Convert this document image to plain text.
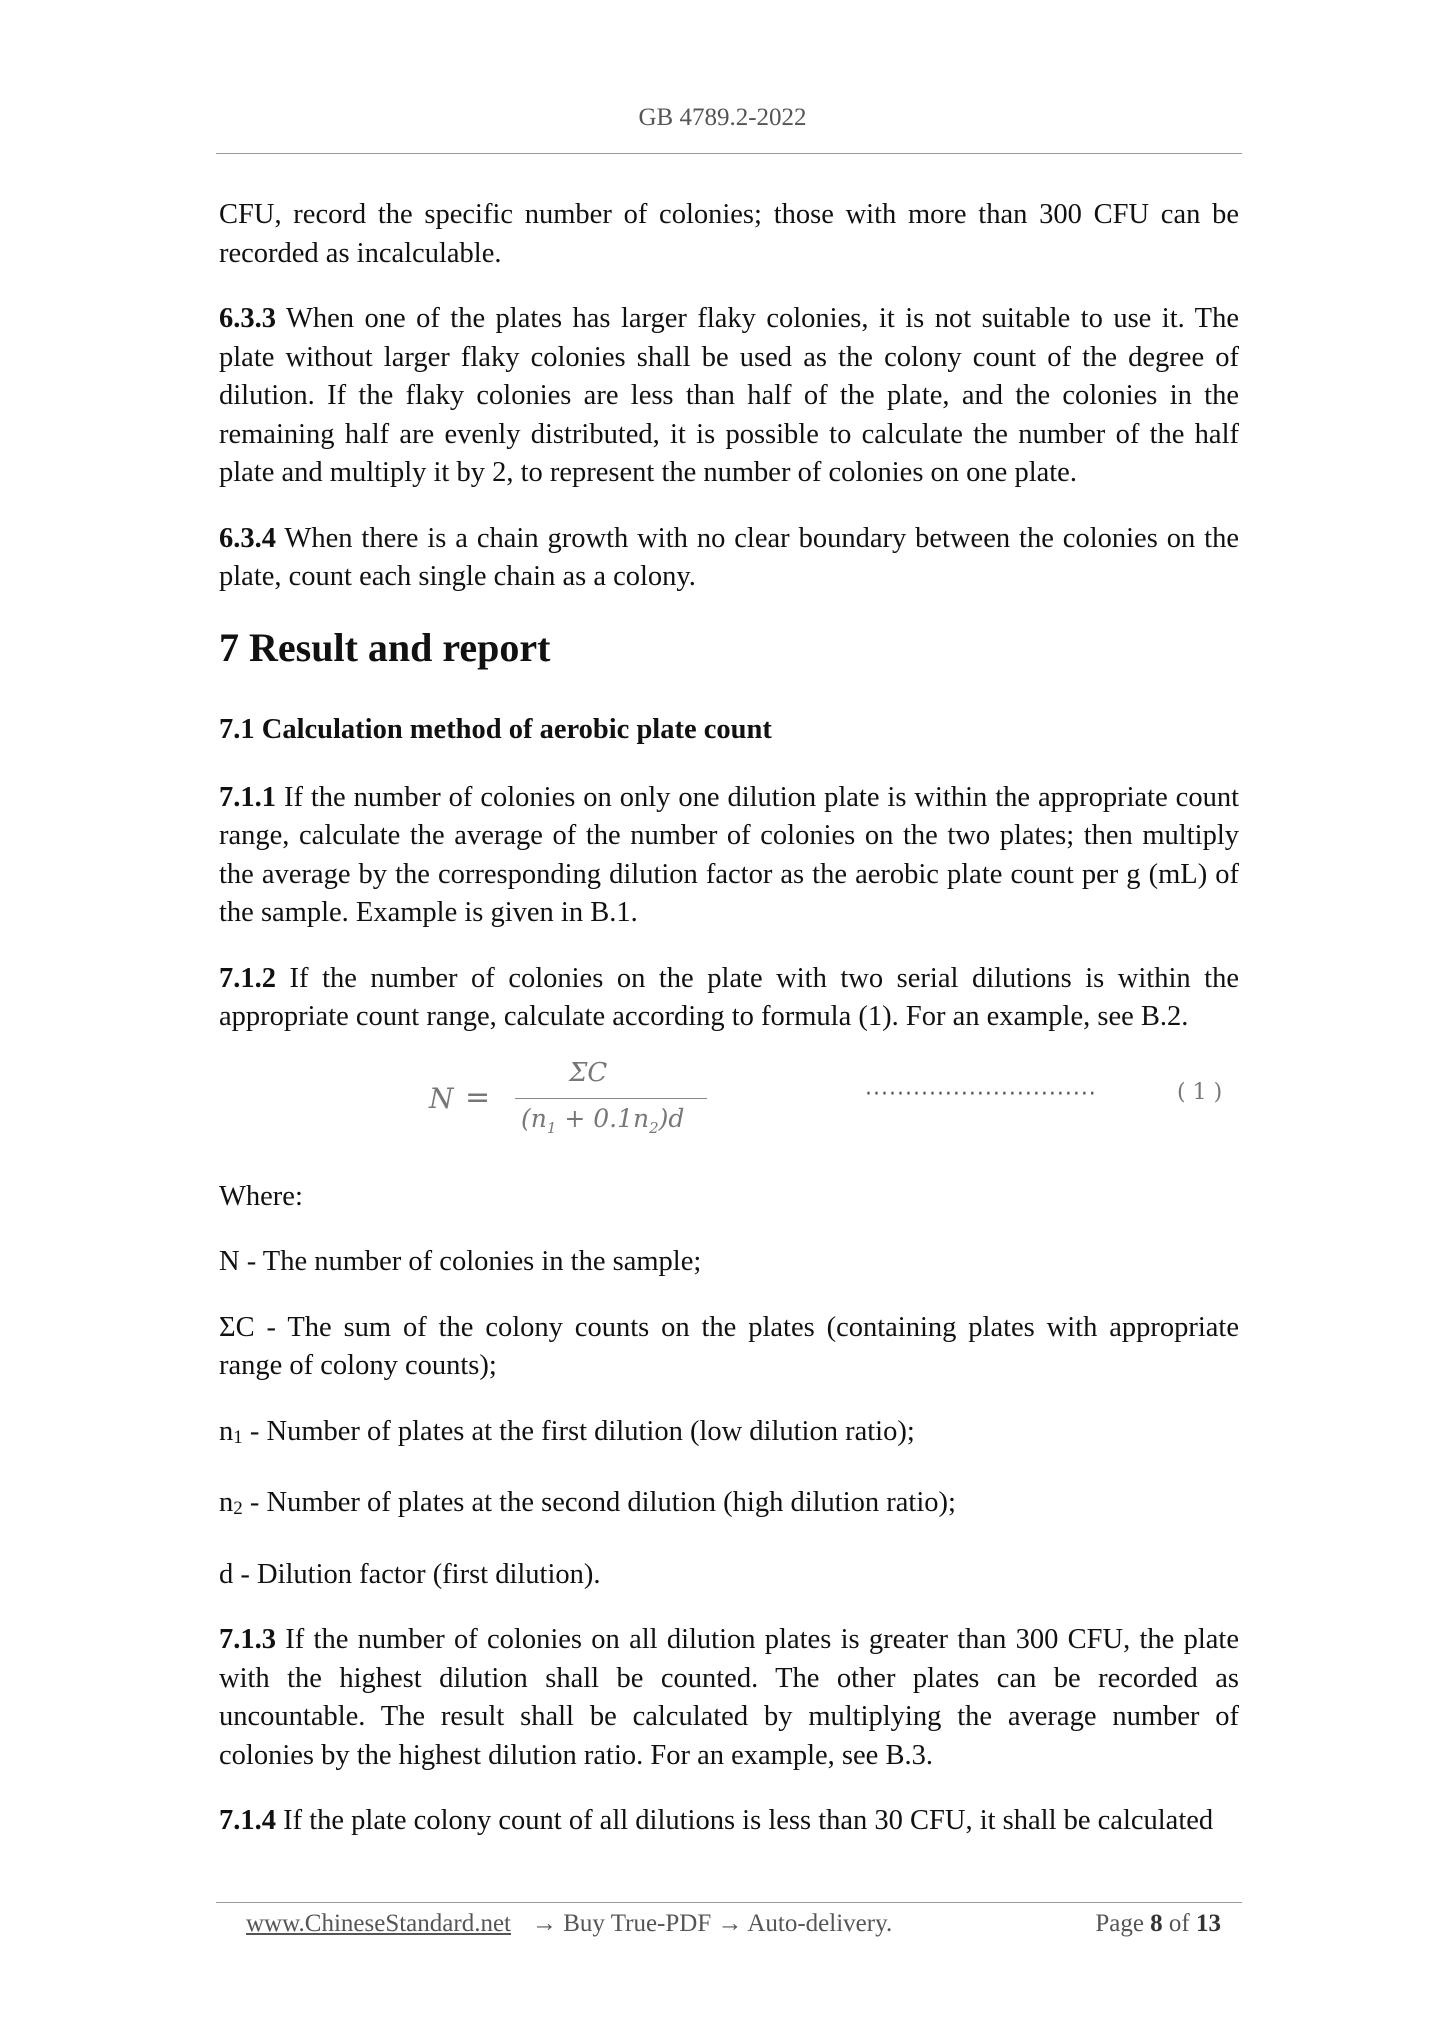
GB 4789.2-2022

CFU, record the specific number of colonies; those with more than 300 CFU can be recorded as incalculable.

6.3.3 When one of the plates has larger flaky colonies, it is not suitable to use it. The plate without larger flaky colonies shall be used as the colony count of the degree of dilution. If the flaky colonies are less than half of the plate, and the colonies in the remaining half are evenly distributed, it is possible to calculate the number of the half plate and multiply it by 2, to represent the number of colonies on one plate.

6.3.4 When there is a chain growth with no clear boundary between the colonies on the plate, count each single chain as a colony.

7 Result and report
7.1 Calculation method of aerobic plate count

7.1.1 If the number of colonies on only one dilution plate is within the appropriate count range, calculate the average of the number of colonies on the two plates; then multiply the average by the corresponding dilution factor as the aerobic plate count per g (mL) of the sample. Example is given in B.1.

7.1.2 If the number of colonies on the plate with two serial dilutions is within the appropriate count range, calculate according to formula (1). For an example, see B.2.

N =
ΣC
$(n_1 + 0.1n_2)d$
·····························	( 1 )

Where:

N - The number of colonies in the sample;

ΣC - The sum of the colony counts on the plates (containing plates with appropriate range of colony counts);

n1 - Number of plates at the first dilution (low dilution ratio);

n2 - Number of plates at the second dilution (high dilution ratio);

d - Dilution factor (first dilution).

7.1.3 If the number of colonies on all dilution plates is greater than 300 CFU, the plate with the highest dilution shall be counted. The other plates can be recorded as uncountable. The result shall be calculated by multiplying the average number of colonies by the highest dilution ratio. For an example, see B.3.

7.1.4 If the plate colony count of all dilutions is less than 30 CFU, it shall be calculated

www.ChineseStandard.net → Buy True-PDF → Auto-delivery.	Page 8 of 13
